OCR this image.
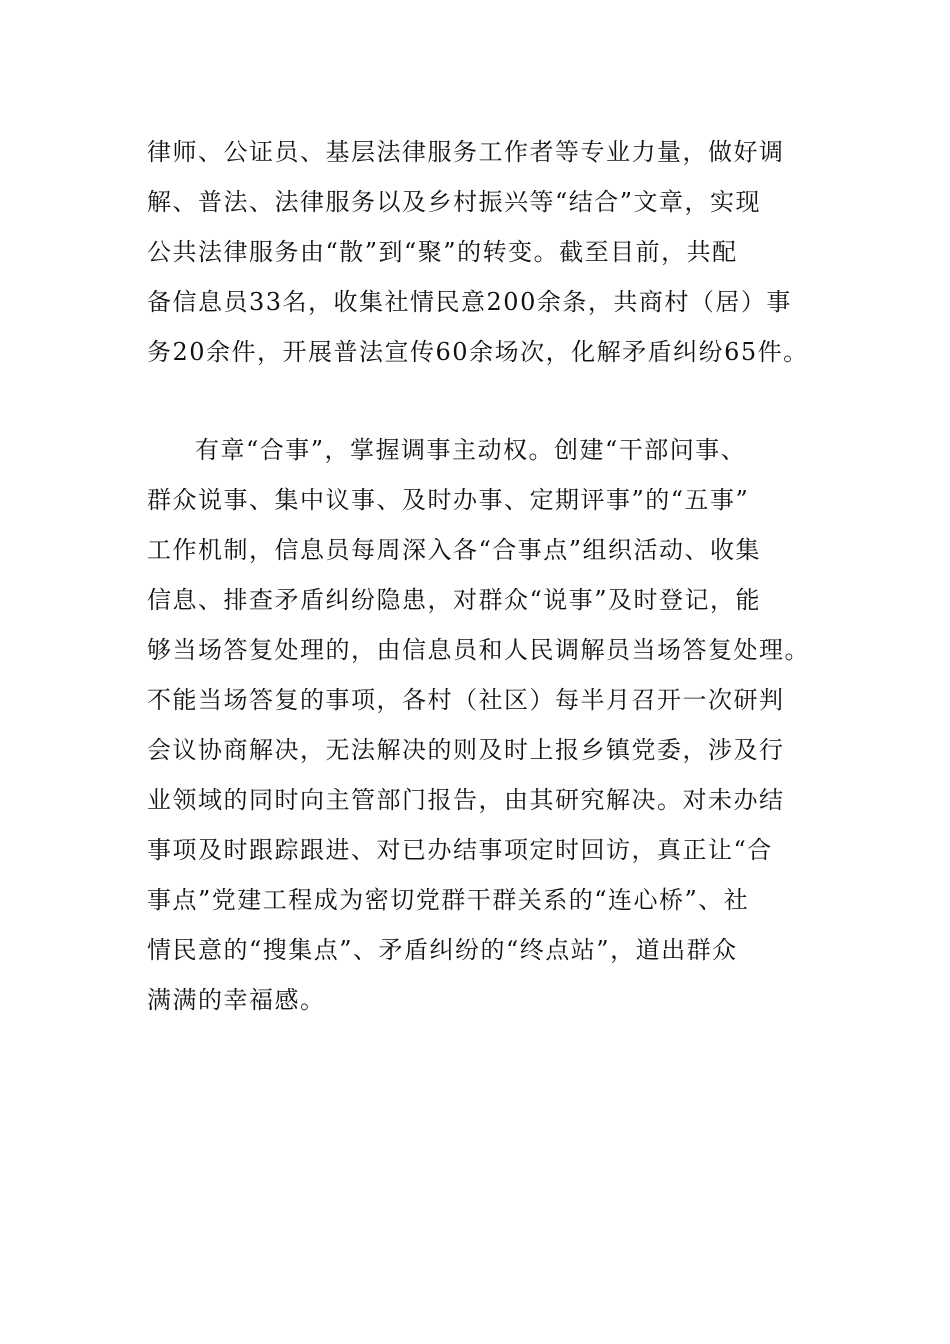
律师、公证员、基层法律服务工作者等专业力量，做好调
解、普法、法律服务以及乡村振兴等“结合”文章，实现
公共法律服务由“散”到“聚”的转变。截至目前，共配
备信息员33名，收集社情民意200余条，共商村（居）事
务20余件，开展普法宣传60余场次，化解矛盾纠纷65件。
有章“合事”，掌握调事主动权。创建“干部问事、
群众说事、集中议事、及时办事、定期评事”的“五事”
工作机制，信息员每周深入各“合事点”组织活动、收集
信息、排查矛盾纠纷隐患，对群众“说事”及时登记，能
够当场答复处理的，由信息员和人民调解员当场答复处理。
不能当场答复的事项，各村（社区）每半月召开一次研判
会议协商解决，无法解决的则及时上报乡镇党委，涉及行
业领域的同时向主管部门报告，由其研究解决。对未办结
事项及时跟踪跟进、对已办结事项定时回访，真正让“合
事点”党建工程成为密切党群干群关系的“连心桥”、社
情民意的“搜集点”、矛盾纠纷的“终点站”，道出群众
满满的幸福感。
